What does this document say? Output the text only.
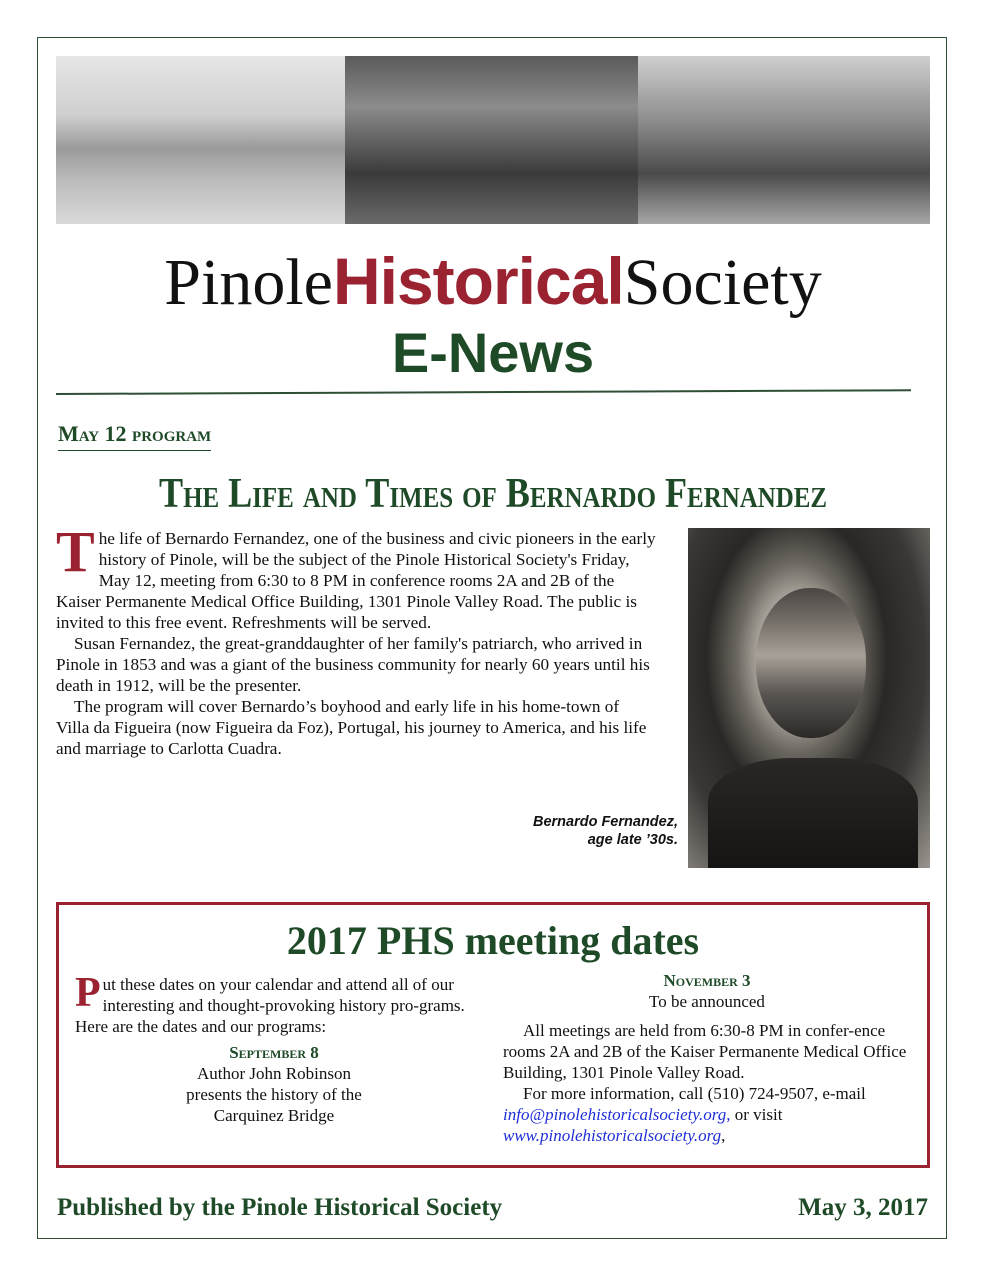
PinoleHistoricalSociety
E-News
May 12 program
The Life and Times of Bernardo Fernandez

The life of Bernardo Fernandez, one of the business and civic pioneers in the early history of Pinole, will be the subject of the Pinole Historical Society's Friday, May 12, meeting from 6:30 to 8 PM in conference rooms 2A and 2B of the Kaiser Permanente Medical Office Building, 1301 Pinole Valley Road. The public is invited to this free event. Refreshments will be served.

Susan Fernandez, the great-granddaughter of her family's patriarch, who arrived in Pinole in 1853 and was a giant of the business community for nearly 60 years until his death in 1912, will be the presenter.

The program will cover Bernardo’s boyhood and early life in his home-town of Villa da Figueira (now Figueira da Foz), Portugal, his journey to America, and his life and marriage to Carlotta Cuadra.

Bernardo Fernandez,
age late ’30s.
2017 PHS meeting dates
Put these dates on your calendar and attend all of our interesting and thought-provoking history pro-grams. Here are the dates and our programs:
September 8
Author John Robinson
presents the history of the
Carquinez Bridge
November 3
To be announced

All meetings are held from 6:30-8 PM in confer-ence rooms 2A and 2B of the Kaiser Permanente Medical Office Building, 1301 Pinole Valley Road.

For more information, call (510) 724-9507, e-mail info@pinolehistoricalsociety.org, or visit www.pinolehistoricalsociety.org,

Published by the Pinole Historical Society	May 3, 2017
